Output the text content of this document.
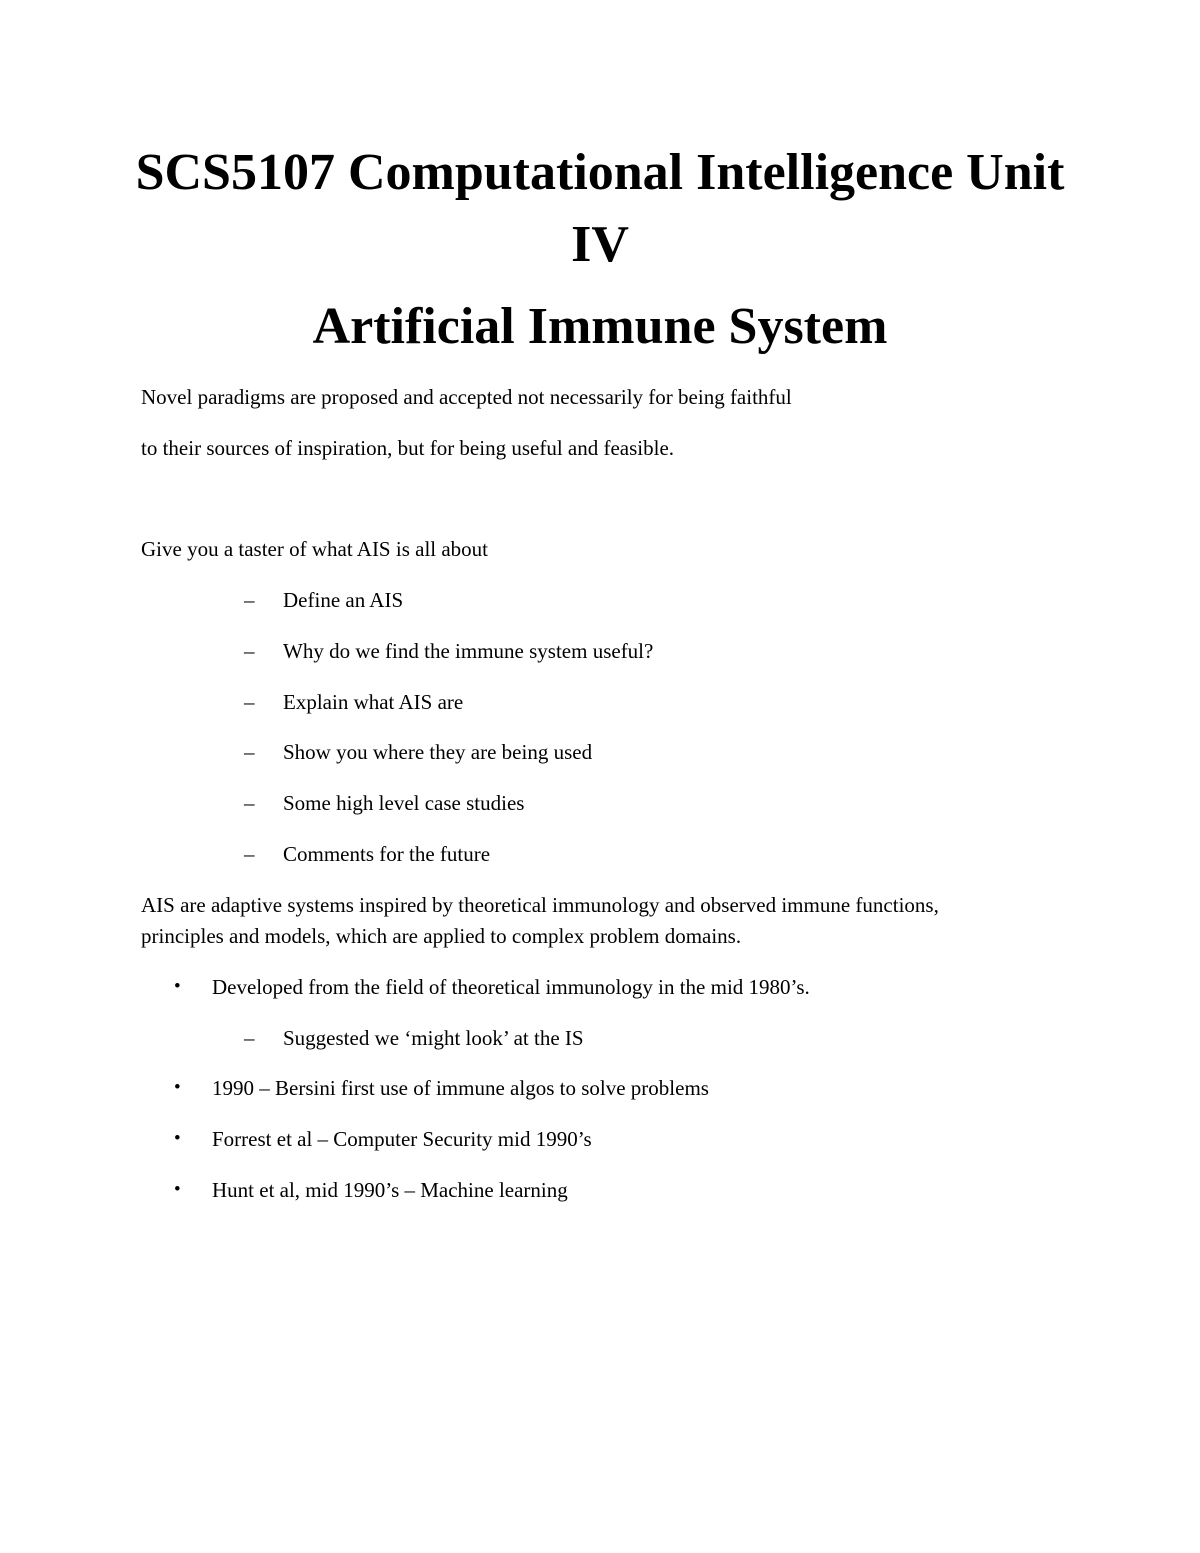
SCS5107 Computational Intelligence Unit
IV
Artificial Immune System

Novel paradigms are proposed and accepted not necessarily for being faithful

to their sources of inspiration, but for being useful and feasible.

Give you a taster of what AIS is all about

– Define an AIS

– Why do we find the immune system useful?

– Explain what AIS are

– Show you where they are being used

– Some high level case studies

– Comments for the future

AIS are adaptive systems inspired by theoretical immunology and observed immune functions,

principles and models, which are applied to complex problem domains.

• Developed from the field of theoretical immunology in the mid 1980’s.

– Suggested we ‘might look’ at the IS

• 1990 – Bersini first use of immune algos to solve problems

• Forrest et al – Computer Security mid 1990’s

• Hunt et al, mid 1990’s – Machine learning
